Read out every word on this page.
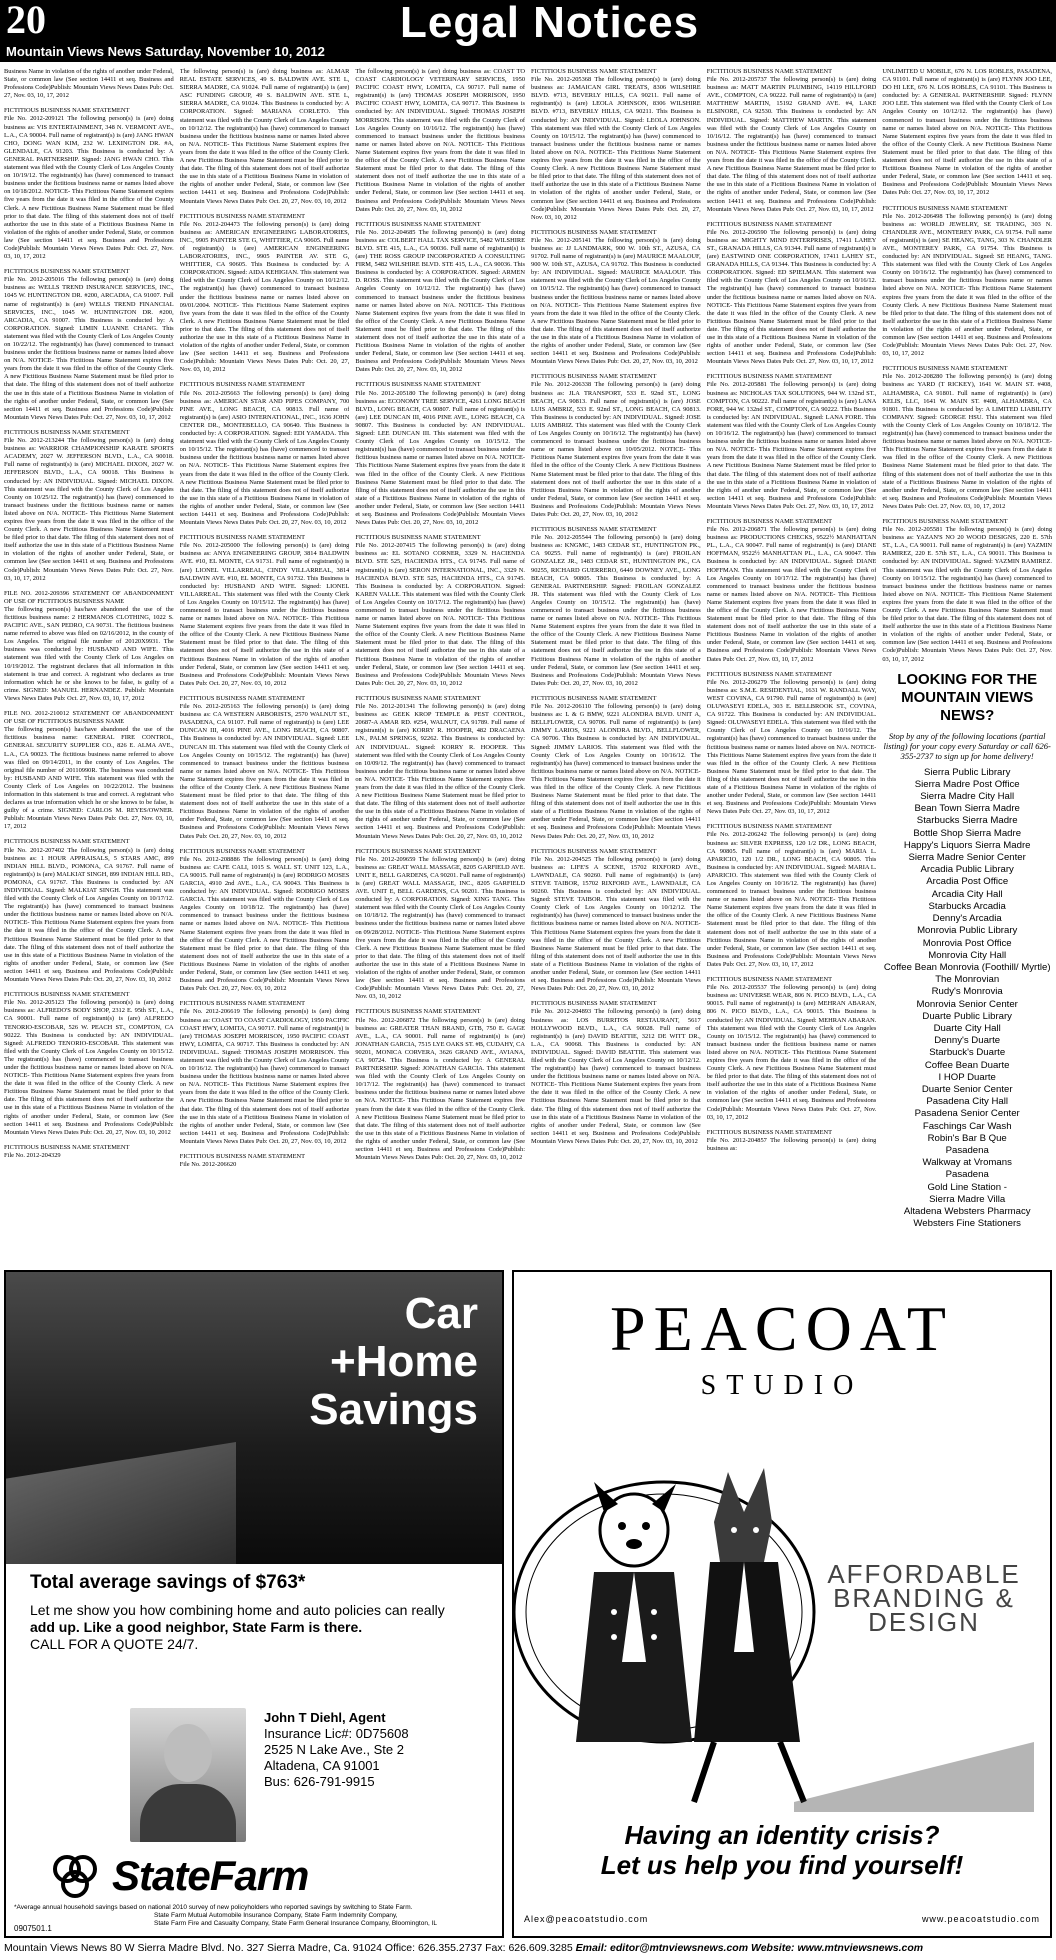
20	Legal Notices
Mountain Views News Saturday, November 10, 2012
Business Name in violation of the rights of another under Federal, State, or common law (See section 14411 et seq. Business and Professions Code)Publish: Mountain Views News Dates Pub: Oct. 27, Nov. 03, 10, 17, 2012
FICTITIOUS BUSINESS NAME STATEMENT
File No. 2012-209121 The following person(s) is (are) doing business as: VIS ENTERTAINMENT, 348 N. VERMONT AVE., L.A., CA 90004. Full name of registrant(s) is (are) JANG HWAN CHO, DONG WAN KIM, 232 W. LEXINGTON DR. #A, GLENDALE, CA 91203. This Business is conducted by: A GENERAL PARTNERSHIP. Signed: JANG HWAN CHO. This statement was filed with the County Clerk of Los Angeles County on 10/19/12. The registrant(s) has (have) commenced to transact business under the fictitious business name or names listed above on 10/18/2012. NOTICE- This Fictitious Name Statement expires five years from the date it was filed in the office of the County Clerk. A new Fictitious Business Name Statement must be filed prior to that date. The filing of this statement does not of itself authorize the use in this state of a Fictitious Business Name in violation of the rights of another under Federal, State, or common law (See section 14411 et seq. Business and Professions Code)Publish: Mountain Views News Dates Pub: Oct. 27, Nov. 03, 10, 17, 2012
FICTITIOUS BUSINESS NAME STATEMENT
File No. 2012-205016 The following person(s) is (are) doing business as: WELLS TREND INSURANCE SERVICES, INC., 1045 W. HUNTINGTON DR. #200, ARCADIA, CA 91007. Full name of registrant(s) is (are) WELLS TREND FINANCIAL SERVICES, INC., 1045 W. HUNTINGTON DR. #200, ARCADIA, CA 91007. This Business is conducted by: A CORPORATION. Signed: LIMIN LUANNE CHANG. This statement was filed with the County Clerk of Los Angeles County on 10/22/12. The registrant(s) has (have) commenced to transact business under the fictitious business name or names listed above on N/A. NOTICE- This Fictitious Name Statement expires five years from the date it was filed in the office of the County Clerk. A new Fictitious Business Name Statement must be filed prior to that date. The filing of this statement does not of itself authorize the use in this state of a Fictitious Business Name in violation of the rights of another under Federal, State, or common law (See section 14411 et seq. Business and Professions Code)Publish: Mountain Views News Dates Pub: Oct. 27, Nov. 03, 10, 17, 2012
FICTITIOUS BUSINESS NAME STATEMENT
File No. 2012-213244 The following person(s) is (are) doing business as: WARRIOR CHAMPIONSHIP KARATE SPORTS ACADEMY, 2027 W. JEFFERSON BLVD., L.A., CA 90018. Full name of registrant(s) is (are) MICHAEL DIXON, 2027 W. JEFFERSON BLVD., L.A., CA 90018. This Business is conducted by: AN INDIVIDUAL. Signed: MICHAEL DIXON. This statement was filed with the County Clerk of Los Angeles County on 10/25/12. The registrant(s) has (have) commenced to transact business under the fictitious business name or names listed above on N/A. NOTICE- This Fictitious Name Statement expires five years from the date it was filed in the office of the County Clerk. A new Fictitious Business Name Statement must be filed prior to that date. The filing of this statement does not of itself authorize the use in this state of a Fictitious Business Name in violation of the rights of another under Federal, State, or common law (See section 14411 et seq. Business and Professions Code)Publish: Mountain Views News Dates Pub: Oct. 27, Nov. 03, 10, 17, 2012
FILE NO. 2012-209396 STATEMENT OF ABANDONMENT OF USE OF FICTITIOUS BUSINESS NAME
The following person(s) has/have abandoned the use of the fictitious business name: 2 HERMANOS CLOTHING, 1022 S. PACIFIC AVE., SAN PEDRO, CA 90731. The fictitious business name referred to above was filed on 02/16/2012, in the county of Los Angeles. The original file number of 20120X9931. The business was conducted by: HUSBAND AND WIFE. This statement was filed with the County Clerk of Los Angeles on 10/19/2012. The registrant declares that all information in this statement is true and correct. A registrant who declares as true information which he or she knows to be false, is guilty of a crime. SIGNED: MANUEL HERNANDEZ. Publish: Mountain Views News Dates Pub: Oct. 27, Nov. 03, 10, 17, 2012
FILE NO. 2012-210012 STATEMENT OF ABANDONMENT OF USE OF FICTITIOUS BUSINESS NAME
The following person(s) has/have abandoned the use of the fictitious business name: GENERAL FIRE CONTROL, GENERAL SECURITY SUPPLIER CO., 826 E. ALMA AVE., L.A., CA 90023. The fictitious business name referred to above was filed on 09/14/2011, in the county of Los Angeles. The original file number of 20110990R. The business was conducted by: HUSBAND AND WIFE. This statement was filed with the County Clerk of Los Angeles on 10/22/2012. The business information in this statement is true and correct. A registrant who declares as true information which he or she knows to be false, is guilty of a crime. SIGNED: CARLOS M. REYES/OWNER. Publish: Mountain Views News Dates Pub: Oct. 27, Nov. 03, 10, 17, 2012
FICTITIOUS BUSINESS NAME STATEMENT
File No. 2012-207402 The following person(s) is (are) doing business as: 1 HOUR APPRAISALS, 5 STARS AMC, 899 INDIAN HILL BLVD., POMONA, CA 91767. Full name of registrant(s) is (are) MALKIAT SINGH, 899 INDIAN HILL RD., POMONA, CA 91767. This Business is conducted by: AN INDIVIDUAL. Signed: MALKIAT SINGH. This statement was filed with the County Clerk of Los Angeles County on 10/17/12. The registrant(s) has (have) commenced to transact business under the fictitious business name or names listed above on N/A. NOTICE- This Fictitious Name Statement expires five years from the date it was filed in the office of the County Clerk. A new Fictitious Business Name Statement must be filed prior to that date. The filing of this statement does not of itself authorize the use in this state of a Fictitious Business Name in violation of the rights of another under Federal, State, or common law (See section 14411 et seq. Business and Professions Code)Publish: Mountain Views News Dates Pub: Oct. 20, 27, Nov. 03, 10, 2012
FICTITIOUS BUSINESS NAME STATEMENT
File No. 2012-205123 The following person(s) is (are) doing business as: ALFREDO'S BODY SHOP, 2312 E. 95th ST., L.A., CA 90001. Full name of registrant(s) is (are) ALFREDO TENORIO-ESCOBAR, 526 W. PEACH ST., COMPTON, CA 90222. This Business is conducted by: AN INDIVIDUAL. Signed: ALFREDO TENORIO-ESCOBAR. This statement was filed with the County Clerk of Los Angeles County on 10/15/12. The registrant(s) has (have) commenced to transact business under the fictitious business name or names listed above on N/A. NOTICE- This Fictitious Name Statement expires five years from the date it was filed in the office of the County Clerk. A new Fictitious Business Name Statement must be filed prior to that date. The filing of this statement does not of itself authorize the use in this state of a Fictitious Business Name in violation of the rights of another under Federal, State, or common law (See section 14411 et seq. Business and Professions Code)Publish: Mountain Views News Dates Pub: Oct. 20, 27, Nov. 03, 10, 2012
FICTITIOUS BUSINESS NAME STATEMENT
File No. 2012-204329
The following person(s) is (are) doing business as: ALMAR REAL ESTATE SERVICES, 49 S. BALDWIN AVE. STE L, SIERRA MADRE, CA 91024. Full name of registrant(s) is (are) ASC FUNDING GROUP, 49 S. BALDWIN AVE. STE L, SIERRA MADRE, CA 91024. This Business is conducted by: A CORPORATION. Signed: MARIANA CORLETO. This statement was filed with the County Clerk of Los Angeles County on 10/12/12. The registrant(s) has (have) commenced to transact business under the fictitious business name or names listed above on N/A. NOTICE- This Fictitious Name Statement expires five years from the date it was filed in the office of the County Clerk. A new Fictitious Business Name Statement must be filed prior to that date. The filing of this statement does not of itself authorize the use in this state of a Fictitious Business Name in violation of the rights of another under Federal, State, or common law (See section 14411 et seq. Business and Professions Code)Publish: Mountain Views News Dates Pub: Oct. 20, 27, Nov. 03, 10, 2012
FICTITIOUS BUSINESS NAME STATEMENT
File No. 2012-204473 The following person(s) is (are) doing business as: AMERICAN ENGINEERING LABORATORIES, INC., 9905 PAINTER STE G, WHITTIER, CA 90605. Full name of registrant(s) is (are) AMERICAN ENGINEERING LABORATORIES, INC., 9905 PAINTER AV. STE G, WHITTIER, CA 90605. This Business is conducted by: A CORPORATION. Signed: AIDA KEHIGIAN. This statement was filed with the County Clerk of Los Angeles County on 10/12/12. The registrant(s) has (have) commenced to transact business under the fictitious business name or names listed above on 09/01/2004. NOTICE- This Fictitious Name Statement expires five years from the date it was filed in the office of the County Clerk. A new Fictitious Business Name Statement must be filed prior to that date. The filing of this statement does not of itself authorize the use in this state of a Fictitious Business Name in violation of the rights of another under Federal, State, or common law (See section 14411 et seq. Business and Professions Code)Publish: Mountain Views News Dates Pub: Oct. 20, 27, Nov. 03, 10, 2012
FICTITIOUS BUSINESS NAME STATEMENT
File No. 2012-205663 The following person(s) is (are) doing business as: AMERICAN STAR AND PIPES COMPANY, 700 PINE AVE., LONG BEACH, CA 90813. Full name of registrant(s) is (are) ASIO INTERNATIONAL, INC., 1636 JOHN CENTER DR., MONTEBELLO, CA 90640. This Business is conducted by: A CORPORATION. Signed: EDI YAMADA. This statement was filed with the County Clerk of Los Angeles County on 10/15/12. The registrant(s) has (have) commenced to transact business under the fictitious business name or names listed above on N/A. NOTICE- This Fictitious Name Statement expires five years from the date it was filed in the office of the County Clerk. A new Fictitious Business Name Statement must be filed prior to that date. The filing of this statement does not of itself authorize the use in this state of a Fictitious Business Name in violation of the rights of another under Federal, State, or common law (See section 14411 et seq. Business and Professions Code)Publish: Mountain Views News Dates Pub: Oct. 20, 27, Nov. 03, 10, 2012
FICTITIOUS BUSINESS NAME STATEMENT
File No. 2012-205000 The following person(s) is (are) doing business as: ANYA ENGINEERING GROUP, 3814 BALDWIN AVE. #10, EL MONTE, CA 91731. Full name of registrant(s) is (are) LIONEL VILLARREAL, CINDY VILLARREAL, 3814 BALDWIN AVE. #10, EL MONTE, CA 91732. This Business is conducted by: HUSBAND AND WIFE. Signed: LIONEL VILLARREAL. This statement was filed with the County Clerk of Los Angeles County on 10/15/12. The registrant(s) has (have) commenced to transact business under the fictitious business name or names listed above on N/A. NOTICE- This Fictitious Name Statement expires five years from the date it was filed in the office of the County Clerk. A new Fictitious Business Name Statement must be filed prior to that date. The filing of this statement does not of itself authorize the use in this state of a Fictitious Business Name in violation of the rights of another under Federal, State, or common law (See section 14411 et seq. Business and Professions Code)Publish: Mountain Views News Dates Pub: Oct. 20, 27, Nov. 03, 10, 2012
FICTITIOUS BUSINESS NAME STATEMENT
File No. 2012-205163 The following person(s) is (are) doing business as: CA WESTERN ARBORISTS, 2570 WALNUT ST., PASADENA, CA 91107. Full name of registrant(s) is (are) LEE DUNCAN III, 4016 PINE AVE., LONG BEACH, CA 90807. This Business is conducted by: AN INDIVIDUAL. Signed: LEE DUNCAN III. This statement was filed with the County Clerk of Los Angeles County on 10/15/12. The registrant(s) has (have) commenced to transact business under the fictitious business name or names listed above on N/A. NOTICE- This Fictitious Name Statement expires five years from the date it was filed in the office of the County Clerk. A new Fictitious Business Name Statement must be filed prior to that date. The filing of this statement does not of itself authorize the use in this state of a Fictitious Business Name in violation of the rights of another under Federal, State, or common law (See section 14411 et seq. Business and Professions Code)Publish: Mountain Views News Dates Pub: Oct. 20, 27, Nov. 03, 10, 2012
FICTITIOUS BUSINESS NAME STATEMENT
File No. 2012-208886 The following person(s) is (are) doing business as: CAFE CALI, 1015 S. WALL ST. UNIT 123, L.A., CA 90015. Full name of registrant(s) is (are) RODRIGO MOSES GARCIA, 4910 2nd AVE., L.A., CA 90043. This Business is conducted by: AN INDIVIDUAL. Signed: RODRIGO MOSES GARCIA. This statement was filed with the County Clerk of Los Angeles County on 10/18/12. The registrant(s) has (have) commenced to transact business under the fictitious business name or names listed above on N/A. NOTICE- This Fictitious Name Statement expires five years from the date it was filed in the office of the County Clerk. A new Fictitious Business Name Statement must be filed prior to that date. The filing of this statement does not of itself authorize the use in this state of a Fictitious Business Name in violation of the rights of another under Federal, State, or common law (See section 14411 et seq. Business and Professions Code)Publish: Mountain Views News Dates Pub: Oct. 20, 27, Nov. 03, 10, 2012
FICTITIOUS BUSINESS NAME STATEMENT
File No. 2012-206619 The following person(s) is (are) doing business as: COAST TO COAST CARDIOLOGY, 1950 PACIFIC COAST HWY, LOMITA, CA 90717. Full name of registrant(s) is (are) THOMAS JOSEPH MORRISON, 1950 PACIFIC COAST HWY, LOMITA, CA 90717. This Business is conducted by: AN INDIVIDUAL. Signed: THOMAS JOSEPH MORRISON. This statement was filed with the County Clerk of Los Angeles County on 10/16/12. The registrant(s) has (have) commenced to transact business under the fictitious business name or names listed above on N/A. NOTICE- This Fictitious Name Statement expires five years from the date it was filed in the office of the County Clerk. A new Fictitious Business Name Statement must be filed prior to that date. The filing of this statement does not of itself authorize the use in this state of a Fictitious Business Name in violation of the rights of another under Federal, State, or common law (See section 14411 et seq. Business and Professions Code)Publish: Mountain Views News Dates Pub: Oct. 20, 27, Nov. 03, 10, 2012
FICTITIOUS BUSINESS NAME STATEMENT
File No. 2012-206620
The following person(s) is (are) doing business as: COAST TO COAST CARDIOLOGY VETERINARY SERVICES, 1950 PACIFIC COAST HWY, LOMITA, CA 90717. Full name of registrant(s) is (are) THOMAS JOSEPH MORRISON, 1950 PACIFIC COAST HWY, LOMITA, CA 90717. This Business is conducted by: AN INDIVIDUAL. Signed: THOMAS JOSEPH MORRISON. This statement was filed with the County Clerk of Los Angeles County on 10/16/12. The registrant(s) has (have) commenced to transact business under the fictitious business name or names listed above on N/A. NOTICE- This Fictitious Name Statement expires five years from the date it was filed in the office of the County Clerk. A new Fictitious Business Name Statement must be filed prior to that date. The filing of this statement does not of itself authorize the use in this state of a Fictitious Business Name in violation of the rights of another under Federal, State, or common law (See section 14411 et seq. Business and Professions Code)Publish: Mountain Views News Dates Pub: Oct. 20, 27, Nov. 03, 10, 2012
FICTITIOUS BUSINESS NAME STATEMENT
File No. 2012-204685 The following person(s) is (are) doing business as: COLBERT HALL TAX SERVICE, 5482 WILSHIRE BLVD. STE 415, L.A., CA 90036. Full name of registrant(s) is (are) THE ROSS GROUP INCORPORATED A CONSULTING FIRM, 5482 WILSHIRE BLVD. STE 415, L.A., CA 90036. This Business is conducted by: A CORPORATION. Signed: ARMEN D. ROSS. This statement was filed with the County Clerk of Los Angeles County on 10/12/12. The registrant(s) has (have) commenced to transact business under the fictitious business name or names listed above on N/A. NOTICE- This Fictitious Name Statement expires five years from the date it was filed in the office of the County Clerk. A new Fictitious Business Name Statement must be filed prior to that date. The filing of this statement does not of itself authorize the use in this state of a Fictitious Business Name in violation of the rights of another under Federal, State, or common law (See section 14411 et seq. Business and Professions Code)Publish: Mountain Views News Dates Pub: Oct. 20, 27, Nov. 03, 10, 2012
FICTITIOUS BUSINESS NAME STATEMENT
File No. 2012-205180 The following person(s) is (are) doing business as: ECONOMY TREE SERVICE, 4261 LONG BEACH BLVD., LONG BEACH, CA 90807. Full name of registrant(s) is (are) LEE DUNCAN III, 4016 PINE AVE., LONG BEACH, CA 90807. This Business is conducted by: AN INDIVIDUAL. Signed: LEE DUNCAN III. This statement was filed with the County Clerk of Los Angeles County on 10/15/12. The registrant(s) has (have) commenced to transact business under the fictitious business name or names listed above on N/A. NOTICE- This Fictitious Name Statement expires five years from the date it was filed in the office of the County Clerk. A new Fictitious Business Name Statement must be filed prior to that date. The filing of this statement does not of itself authorize the use in this state of a Fictitious Business Name in violation of the rights of another under Federal, State, or common law (See section 14411 et seq. Business and Professions Code)Publish: Mountain Views News Dates Pub: Oct. 20, 27, Nov. 03, 10, 2012
FICTITIOUS BUSINESS NAME STATEMENT
File No. 2012-207415 The following person(s) is (are) doing business as: EL SOTANO CORNER, 3329 N. HACIENDA BLVD. STE 525, HACIENDA HTS., CA 91745. Full name of registrant(s) is (are) SERON INTERNATIONAL, INC., 3329 N. HACIENDA BLVD. STE 525, HACIENDA HTS., CA 91745. This Business is conducted by: A CORPORATION. Signed: KAREN VALLE. This statement was filed with the County Clerk of Los Angeles County on 10/17/12. The registrant(s) has (have) commenced to transact business under the fictitious business name or names listed above on N/A. NOTICE- This Fictitious Name Statement expires five years from the date it was filed in the office of the County Clerk. A new Fictitious Business Name Statement must be filed prior to that date. The filing of this statement does not of itself authorize the use in this state of a Fictitious Business Name in violation of the rights of another under Federal, State, or common law (See section 14411 et seq. Business and Professions Code)Publish: Mountain Views News Dates Pub: Oct. 20, 27, Nov. 03, 10, 2012
FICTITIOUS BUSINESS NAME STATEMENT
File No. 2012-201341 The following person(s) is (are) doing business as: GEEK KROP TEMPLE & PEST CONTROL, 20687-A AMAR RD. #254, WALNUT, CA 91789. Full name of registrant(s) is (are) KORRY R. HOOPER, 482 DRACAENA LN., PALM SPRINGS, 92262. This Business is conducted by: AN INDIVIDUAL. Signed: KORRY R. HOOPER. This statement was filed with the County Clerk of Los Angeles County on 10/09/12. The registrant(s) has (have) commenced to transact business under the fictitious business name or names listed above on N/A. NOTICE- This Fictitious Name Statement expires five years from the date it was filed in the office of the County Clerk. A new Fictitious Business Name Statement must be filed prior to that date. The filing of this statement does not of itself authorize the use in this state of a Fictitious Business Name in violation of the rights of another under Federal, State, or common law (See section 14411 et seq. Business and Professions Code)Publish: Mountain Views News Dates Pub: Oct. 20, 27, Nov. 03, 10, 2012
FICTITIOUS BUSINESS NAME STATEMENT
File No. 2012-209659 The following person(s) is (are) doing business as: GREAT WALL MASSAGE, 8205 GARFIELD AVE. UNIT E, BELL GARDENS, CA 90201. Full name of registrant(s) is (are) GREAT WALL MASSAGE, INC., 8205 GARFIELD AVE. UNIT E, BELL GARDENS, CA 90201. This Business is conducted by: A CORPORATION. Signed: XING TANG. This statement was filed with the County Clerk of Los Angeles County on 10/18/12. The registrant(s) has (have) commenced to transact business under the fictitious business name or names listed above on 09/28/2012. NOTICE- This Fictitious Name Statement expires five years from the date it was filed in the office of the County Clerk. A new Fictitious Business Name Statement must be filed prior to that date. The filing of this statement does not of itself authorize the use in this state of a Fictitious Business Name in violation of the rights of another under Federal, State, or common law (See section 14411 et seq. Business and Professions Code)Publish: Mountain Views News Dates Pub: Oct. 20, 27, Nov. 03, 10, 2012
FICTITIOUS BUSINESS NAME STATEMENT
File No. 2012-206872 The following person(s) is (are) doing business as: GREATER THAN BRAND, GTB, 750 E. GAGE AVE., L.A., CA 90001. Full name of registrant(s) is (are) JONATHAN GARCIA, 7515 LYE OAKS ST. #B, CUDAHY, CA 90201, MONICA CORVERA, 3626 GRAND AVE., AVIANA, CA 90724. This Business is conducted by: A GENERAL PARTNERSHIP. Signed: JONATHAN GARCIA. This statement was filed with the County Clerk of Los Angeles County on 10/17/12. The registrant(s) has (have) commenced to transact business under the fictitious business name or names listed above on N/A. NOTICE- This Fictitious Name Statement expires five years from the date it was filed in the office of the County Clerk. A new Fictitious Business Name Statement must be filed prior to that date. The filing of this statement does not of itself authorize the use in this state of a Fictitious Business Name in violation of the rights of another under Federal, State, or common law (See section 14411 et seq. Business and Professions Code)Publish: Mountain Views News Dates Pub: Oct. 20, 27, Nov. 03, 10, 2012
FICTITIOUS BUSINESS NAME STATEMENT
File No. 2012-205368 The following person(s) is (are) doing business as: JAMAICAN GIRL TREATS, 8306 WILSHIRE BLVD. #713, BEVERLY HILLS, CA 90211. Full name of registrant(s) is (are) LEOLA JOHNSON, 8306 WILSHIRE BLVD. #713, BEVERLY HILLS, CA 90211. This Business is conducted by: AN INDIVIDUAL. Signed: LEOLA JOHNSON. This statement was filed with the County Clerk of Los Angeles County on 10/15/12. The registrant(s) has (have) commenced to transact business under the fictitious business name or names listed above on N/A. NOTICE- This Fictitious Name Statement expires five years from the date it was filed in the office of the County Clerk. A new Fictitious Business Name Statement must be filed prior to that date. The filing of this statement does not of itself authorize the use in this state of a Fictitious Business Name in violation of the rights of another under Federal, State, or common law (See section 14411 et seq. Business and Professions Code)Publish: Mountain Views News Dates Pub: Oct. 20, 27, Nov. 03, 10, 2012
FICTITIOUS BUSINESS NAME STATEMENT
File No. 2012-205141 The following person(s) is (are) doing business as: JJ LANDMARK, 900 W. 10th ST., AZUSA, CA 91702. Full name of registrant(s) is (are) MAURICE MAALOUF, 900 W. 10th ST., AZUSA, CA 91702. This Business is conducted by: AN INDIVIDUAL. Signed: MAURICE MAALOUF. This statement was filed with the County Clerk of Los Angeles County on 10/15/12. The registrant(s) has (have) commenced to transact business under the fictitious business name or names listed above on N/A. NOTICE- This Fictitious Name Statement expires five years from the date it was filed in the office of the County Clerk. A new Fictitious Business Name Statement must be filed prior to that date. The filing of this statement does not of itself authorize the use in this state of a Fictitious Business Name in violation of the rights of another under Federal, State, or common law (See section 14411 et seq. Business and Professions Code)Publish: Mountain Views News Dates Pub: Oct. 20, 27, Nov. 03, 10, 2012
FICTITIOUS BUSINESS NAME STATEMENT
File No. 2012-206338 The following person(s) is (are) doing business as: JLA TRANSPORT, 533 E. 92nd ST., LONG BEACH, CA 90813. Full name of registrant(s) is (are) JOSE LUIS AMBRIZ, 533 E. 92nd ST., LONG BEACH, CA 90813. This Business is conducted by: AN INDIVIDUAL. Signed: JOSE LUIS AMBRIZ. This statement was filed with the County Clerk of Los Angeles County on 10/16/12. The registrant(s) has (have) commenced to transact business under the fictitious business name or names listed above on 10/05/2012. NOTICE- This Fictitious Name Statement expires five years from the date it was filed in the office of the County Clerk. A new Fictitious Business Name Statement must be filed prior to that date. The filing of this statement does not of itself authorize the use in this state of a Fictitious Business Name in violation of the rights of another under Federal, State, or common law (See section 14411 et seq. Business and Professions Code)Publish: Mountain Views News Dates Pub: Oct. 20, 27, Nov. 03, 10, 2012
FICTITIOUS BUSINESS NAME STATEMENT
File No. 2012-205544 The following person(s) is (are) doing business as: KNGMC, 1483 CEDAR ST., HUNTINGTON PK., CA 90255. Full name of registrant(s) is (are) FROILAN GONZALEZ JR., 1483 CEDAR ST., HUNTINGTON PK., CA 90255, RICHARD GUERRERO, 6449 DOWNEY AVE., LONG BEACH, CA 90805. This Business is conducted by: A GENERAL PARTNERSHIP. Signed: FROILAN GONZALEZ JR. This statement was filed with the County Clerk of Los Angeles County on 10/15/12. The registrant(s) has (have) commenced to transact business under the fictitious business name or names listed above on N/A. NOTICE- This Fictitious Name Statement expires five years from the date it was filed in the office of the County Clerk. A new Fictitious Business Name Statement must be filed prior to that date. The filing of this statement does not of itself authorize the use in this state of a Fictitious Business Name in violation of the rights of another under Federal, State, or common law (See section 14411 et seq. Business and Professions Code)Publish: Mountain Views News Dates Pub: Oct. 20, 27, Nov. 03, 10, 2012
FICTITIOUS BUSINESS NAME STATEMENT
File No. 2012-206110 The following person(s) is (are) doing business as: L & G BMW, 9221 ALONDRA BLVD. UNIT A, BELLFLOWER, CA 90706. Full name of registrant(s) is (are) JIMMY LARIOS, 9221 ALONDRA BLVD., BELLFLOWER, CA 90706. This Business is conducted by: AN INDIVIDUAL. Signed: JIMMY LARIOS. This statement was filed with the County Clerk of Los Angeles County on 10/16/12. The registrant(s) has (have) commenced to transact business under the fictitious business name or names listed above on N/A. NOTICE- This Fictitious Name Statement expires five years from the date it was filed in the office of the County Clerk. A new Fictitious Business Name Statement must be filed prior to that date. The filing of this statement does not of itself authorize the use in this state of a Fictitious Business Name in violation of the rights of another under Federal, State, or common law (See section 14411 et seq. Business and Professions Code)Publish: Mountain Views News Dates Pub: Oct. 20, 27, Nov. 03, 10, 2012
FICTITIOUS BUSINESS NAME STATEMENT
File No. 2012-204525 The following person(s) is (are) doing business as: LIFE'S A SCENE, 15702 RIXFORD AVE., LAWNDALE, CA 90260. Full name of registrant(s) is (are) STEVE TAIBOR, 15702 RIXFORD AVE., LAWNDALE, CA 90260. This Business is conducted by: AN INDIVIDUAL. Signed: STEVE TAIBOR. This statement was filed with the County Clerk of Los Angeles County on 10/12/12. The registrant(s) has (have) commenced to transact business under the fictitious business name or names listed above on N/A. NOTICE- This Fictitious Name Statement expires five years from the date it was filed in the office of the County Clerk. A new Fictitious Business Name Statement must be filed prior to that date. The filing of this statement does not of itself authorize the use in this state of a Fictitious Business Name in violation of the rights of another under Federal, State, or common law (See section 14411 et seq. Business and Professions Code)Publish: Mountain Views News Dates Pub: Oct. 20, 27, Nov. 03, 10, 2012
FICTITIOUS BUSINESS NAME STATEMENT
File No. 2012-204893 The following person(s) is (are) doing business as: LOS BURRITOS RESTAURANT, 5617 HOLLYWOOD BLVD., L.A., CA 90028. Full name of registrant(s) is (are) DAVID BEATTIE, 3212 DE WITT DR., L.A., CA 90068. This Business is conducted by: AN INDIVIDUAL. Signed: DAVID BEATTIE. This statement was filed with the County Clerk of Los Angeles County on 10/12/12. The registrant(s) has (have) commenced to transact business under the fictitious business name or names listed above on N/A. NOTICE- This Fictitious Name Statement expires five years from the date it was filed in the office of the County Clerk. A new Fictitious Business Name Statement must be filed prior to that date. The filing of this statement does not of itself authorize the use in this state of a Fictitious Business Name in violation of the rights of another under Federal, State, or common law (See section 14411 et seq. Business and Professions Code)Publish: Mountain Views News Dates Pub: Oct. 20, 27, Nov. 03, 10, 2012
FICTITIOUS BUSINESS NAME STATEMENT
File No. 2012-205737 The following person(s) is (are) doing business as: MATT MARTIN PLUMBING, 14119 HILLFORD AVE., COMPTON, CA 90222. Full name of registrant(s) is (are) MATTHEW MARTIN, 15192 GRAND AVE. #4, LAKE ELSINORE, CA 92530. This Business is conducted by: AN INDIVIDUAL. Signed: MATTHEW MARTIN. This statement was filed with the County Clerk of Los Angeles County on 10/16/12. The registrant(s) has (have) commenced to transact business under the fictitious business name or names listed above on N/A. NOTICE- This Fictitious Name Statement expires five years from the date it was filed in the office of the County Clerk. A new Fictitious Business Name Statement must be filed prior to that date. The filing of this statement does not of itself authorize the use in this state of a Fictitious Business Name in violation of the rights of another under Federal, State, or common law (See section 14411 et seq. Business and Professions Code)Publish: Mountain Views News Dates Pub: Oct. 27, Nov. 03, 10, 17, 2012
FICTITIOUS BUSINESS NAME STATEMENT
File No. 2012-206590 The following person(s) is (are) doing business as: MIGHTY MIND ENTERPRISES, 17411 LAHEY ST., GRANADA HILLS, CA 91344. Full name of registrant(s) is (are) EASTWIND ONE CORPORATION, 17411 LAHEY ST., GRANADA HILLS, CA 91344. This Business is conducted by: A CORPORATION. Signed: ED SPIELMAN. This statement was filed with the County Clerk of Los Angeles County on 10/16/12. The registrant(s) has (have) commenced to transact business under the fictitious business name or names listed above on N/A. NOTICE- This Fictitious Name Statement expires five years from the date it was filed in the office of the County Clerk. A new Fictitious Business Name Statement must be filed prior to that date. The filing of this statement does not of itself authorize the use in this state of a Fictitious Business Name in violation of the rights of another under Federal, State, or common law (See section 14411 et seq. Business and Professions Code)Publish: Mountain Views News Dates Pub: Oct. 27, Nov. 03, 10, 17, 2012
FICTITIOUS BUSINESS NAME STATEMENT
File No. 2012-205881 The following person(s) is (are) doing business as: NICHOLAS TAX SOLUTIONS, 944 W. 132nd ST., COMPTON, CA 90222. Full name of registrant(s) is (are) LANA FORE, 944 W. 132nd ST., COMPTON, CA 90222. This Business is conducted by: AN INDIVIDUAL. Signed: LANA FORE. This statement was filed with the County Clerk of Los Angeles County on 10/16/12. The registrant(s) has (have) commenced to transact business under the fictitious business name or names listed above on N/A. NOTICE- This Fictitious Name Statement expires five years from the date it was filed in the office of the County Clerk. A new Fictitious Business Name Statement must be filed prior to that date. The filing of this statement does not of itself authorize the use in this state of a Fictitious Business Name in violation of the rights of another under Federal, State, or common law (See section 14411 et seq. Business and Professions Code)Publish: Mountain Views News Dates Pub: Oct. 27, Nov. 03, 10, 17, 2012
FICTITIOUS BUSINESS NAME STATEMENT
File No. 2012-206871 The following person(s) is (are) doing business as: PRODUCTIONS CHECKS, 9522½ MANHATTAN PL., L.A., CA 90047. Full name of registrant(s) is (are) DIANE HOFFMAN, 9522½ MANHATTAN PL., L.A., CA 90047. This Business is conducted by: AN INDIVIDUAL. Signed: DIANE HOFFMAN. This statement was filed with the County Clerk of Los Angeles County on 10/17/12. The registrant(s) has (have) commenced to transact business under the fictitious business name or names listed above on N/A. NOTICE- This Fictitious Name Statement expires five years from the date it was filed in the office of the County Clerk. A new Fictitious Business Name Statement must be filed prior to that date. The filing of this statement does not of itself authorize the use in this state of a Fictitious Business Name in violation of the rights of another under Federal, State, or common law (See section 14411 et seq. Business and Professions Code)Publish: Mountain Views News Dates Pub: Oct. 27, Nov. 03, 10, 17, 2012
FICTITIOUS BUSINESS NAME STATEMENT
File No. 2012-206279 The following person(s) is (are) doing business as: S.M.E. RESIDENTIAL, 1631 W. RANDALL WAY, WEST COVINA, CA 91790. Full name of registrant(s) is (are) OLUWASEYI EDELA, 303 E. BELLBROOK ST., COVINA, CA 91722. This Business is conducted by: AN INDIVIDUAL. Signed: OLUWASEYI EDELA. This statement was filed with the County Clerk of Los Angeles County on 10/16/12. The registrant(s) has (have) commenced to transact business under the fictitious business name or names listed above on N/A. NOTICE- This Fictitious Name Statement expires five years from the date it was filed in the office of the County Clerk. A new Fictitious Business Name Statement must be filed prior to that date. The filing of this statement does not of itself authorize the use in this state of a Fictitious Business Name in violation of the rights of another under Federal, State, or common law (See section 14411 et seq. Business and Professions Code)Publish: Mountain Views News Dates Pub: Oct. 27, Nov. 03, 10, 17, 2012
FICTITIOUS BUSINESS NAME STATEMENT
File No. 2012-206242 The following person(s) is (are) doing business as: SILVER EXPRESS, 120 1/2 DR., LONG BEACH, CA 90805. Full name of registrant(s) is (are) MARIA L. APARICIO, 120 1/2 DR., LONG BEACH, CA 90805. This Business is conducted by: AN INDIVIDUAL. Signed: MARIA L. APARICIO. This statement was filed with the County Clerk of Los Angeles County on 10/16/12. The registrant(s) has (have) commenced to transact business under the fictitious business name or names listed above on N/A. NOTICE- This Fictitious Name Statement expires five years from the date it was filed in the office of the County Clerk. A new Fictitious Business Name Statement must be filed prior to that date. The filing of this statement does not of itself authorize the use in this state of a Fictitious Business Name in violation of the rights of another under Federal, State, or common law (See section 14411 et seq. Business and Professions Code)Publish: Mountain Views News Dates Pub: Oct. 27, Nov. 03, 10, 17, 2012
FICTITIOUS BUSINESS NAME STATEMENT
File No. 2012-205537 The following person(s) is (are) doing business as: UNIVERSE WEAR, 806 N. PICO BLVD., L.A., CA 90015. Full name of registrant(s) is (are) MEHRAN ABARAN, 806 N. PICO BLVD., L.A., CA 90015. This Business is conducted by: AN INDIVIDUAL. Signed: MEHRAN ABARAN. This statement was filed with the County Clerk of Los Angeles County on 10/15/12. The registrant(s) has (have) commenced to transact business under the fictitious business name or names listed above on N/A. NOTICE- This Fictitious Name Statement expires five years from the date it was filed in the office of the County Clerk. A new Fictitious Business Name Statement must be filed prior to that date. The filing of this statement does not of itself authorize the use in this state of a Fictitious Business Name in violation of the rights of another under Federal, State, or common law (See section 14411 et seq. Business and Professions Code)Publish: Mountain Views News Dates Pub: Oct. 27, Nov. 03, 10, 17, 2012
FICTITIOUS BUSINESS NAME STATEMENT
File No. 2012-204857 The following person(s) is (are) doing business as:
UNLIMITED U MOBILE, 676 N. LOS ROBLES, PASADENA, CA 91101. Full name of registrant(s) is (are) FLYNN JOO LEE, DO HI LEE, 676 N. LOS ROBLES, CA 91101. This Business is conducted by: A GENERAL PARTNERSHIP. Signed: FLYNN JOO LEE. This statement was filed with the County Clerk of Los Angeles County on 10/12/12. The registrant(s) has (have) commenced to transact business under the fictitious business name or names listed above on N/A. NOTICE- This Fictitious Name Statement expires five years from the date it was filed in the office of the County Clerk. A new Fictitious Business Name Statement must be filed prior to that date. The filing of this statement does not of itself authorize the use in this state of a Fictitious Business Name in violation of the rights of another under Federal, State, or common law (See section 14411 et seq. Business and Professions Code)Publish: Mountain Views News Dates Pub: Oct. 27, Nov. 03, 10, 17, 2012
FICTITIOUS BUSINESS NAME STATEMENT
File No. 2012-206498 The following person(s) is (are) doing business as: WORLD JEWELRY, SE TRADING, 303 N. CHANDLER AVE., MONTEREY PARK, CA 91754. Full name of registrant(s) is (are) SE HEANG, TANG, 303 N. CHANDLER AVE., MONTEREY PARK, CA 91754. This Business is conducted by: AN INDIVIDUAL. Signed: SE HEANG, TANG. This statement was filed with the County Clerk of Los Angeles County on 10/16/12. The registrant(s) has (have) commenced to transact business under the fictitious business name or names listed above on N/A. NOTICE- This Fictitious Name Statement expires five years from the date it was filed in the office of the County Clerk. A new Fictitious Business Name Statement must be filed prior to that date. The filing of this statement does not of itself authorize the use in this state of a Fictitious Business Name in violation of the rights of another under Federal, State, or common law (See section 14411 et seq. Business and Professions Code)Publish: Mountain Views News Dates Pub: Oct. 27, Nov. 03, 10, 17, 2012
FICTITIOUS BUSINESS NAME STATEMENT
File No. 2012-208280 The following person(s) is (are) doing business as: YARD (T RICKEY), 1641 W. MAIN ST. #408, ALHAMBRA, CA 91801. Full name of registrant(s) is (are) KELIS, LLC, 1641 W. MAIN ST. #408, ALHAMBRA, CA 91801. This Business is conducted by: A LIMITED LIABILITY COMPANY. Signed: GEORGE HSU. This statement was filed with the County Clerk of Los Angeles County on 10/18/12. The registrant(s) has (have) commenced to transact business under the fictitious business name or names listed above on N/A. NOTICE- This Fictitious Name Statement expires five years from the date it was filed in the office of the County Clerk. A new Fictitious Business Name Statement must be filed prior to that date. The filing of this statement does not of itself authorize the use in this state of a Fictitious Business Name in violation of the rights of another under Federal, State, or common law (See section 14411 et seq. Business and Professions Code)Publish: Mountain Views News Dates Pub: Oct. 27, Nov. 03, 10, 17, 2012
FICTITIOUS BUSINESS NAME STATEMENT
File No. 2012-205581 The following person(s) is (are) doing business as: YAZAN'S NO 20 WOOD DESIGNS, 220 E. 57th ST., L.A., CA 90011. Full name of registrant(s) is (are) YAZMIN RAMIREZ, 220 E. 57th ST., L.A., CA 90011. This Business is conducted by: AN INDIVIDUAL. Signed: YAZMIN RAMIREZ. This statement was filed with the County Clerk of Los Angeles County on 10/15/12. The registrant(s) has (have) commenced to transact business under the fictitious business name or names listed above on N/A. NOTICE- This Fictitious Name Statement expires five years from the date it was filed in the office of the County Clerk. A new Fictitious Business Name Statement must be filed prior to that date. The filing of this statement does not of itself authorize the use in this state of a Fictitious Business Name in violation of the rights of another under Federal, State, or common law (See section 14411 et seq. Business and Professions Code)Publish: Mountain Views News Dates Pub: Oct. 27, Nov. 03, 10, 17, 2012
LOOKING FOR THE MOUNTAIN VIEWS NEWS?
Stop by any of the following locations (partial listing) for your copy every Saturday or call 626-355-2737 to sign up for home delivery!
Sierra Public Library
Sierra Madre Post Office
Sierra Madre City Hall
Bean Town Sierra Madre
Starbucks Sierra Madre
Bottle Shop Sierra Madre
Happy's Liquors Sierra Madre
Sierra Madre Senior Center
Arcadia Public Library
Arcadia Post Office
Arcadia City Hall
Starbucks Arcadia
Denny's Arcadia
Monrovia Public Library
Monrovia Post Office
Monrovia City Hall
Coffee Bean Monrovia (Foothill/ Myrtle)
The Monrovian
Rudy's Monrovia
Monrovia Senior Center
Duarte Public Library
Duarte City Hall
Denny's Duarte
Starbuck's Duarte
Coffee Bean Duarte
I HOP Duarte
Duarte Senior Center
Pasadena City Hall
Pasadena Senior Center
Faschings Car Wash
Robin's Bar B Que
Pasadena
Walkway at Vromans
Pasadena
Gold Line Station -
Sierra Madre Villa
Altadena Websters Pharmacy
Websters Fine Stationers
Car
+Home
Savings
Total average savings of $763*
Let me show you how combining home and auto policies can really
add up. Like a good neighbor, State Farm is there.
CALL FOR A QUOTE 24/7.
John T Diehl, Agent
Insurance Lic#: 0D75608
2525 N Lake Ave., Ste 2
Altadena, CA 91001
Bus: 626-791-9915
StateFarm
*Average annual household savings based on national 2010 survey of new policyholders who reported savings by switching to State Farm.
State Farm Mutual Automobile Insurance Company, State Farm Indemnity Company,
State Farm Fire and Casualty Company, State Farm General Insurance Company, Bloomington, IL
0907501.1
PEACOAT
STUDIO
AFFORDABLE
BRANDING &
DESIGN
Having an identity crisis?
Let us help you find yourself!
Alex@peacoatstudio.com	www.peacoatstudio.com
Mountain Views News 80 W Sierra Madre Blvd. No. 327 Sierra Madre, Ca. 91024 Office: 626.355.2737 Fax: 626.609.3285 Email: editor@mtnviewsnews.com Website: www.mtnviewsnews.com
